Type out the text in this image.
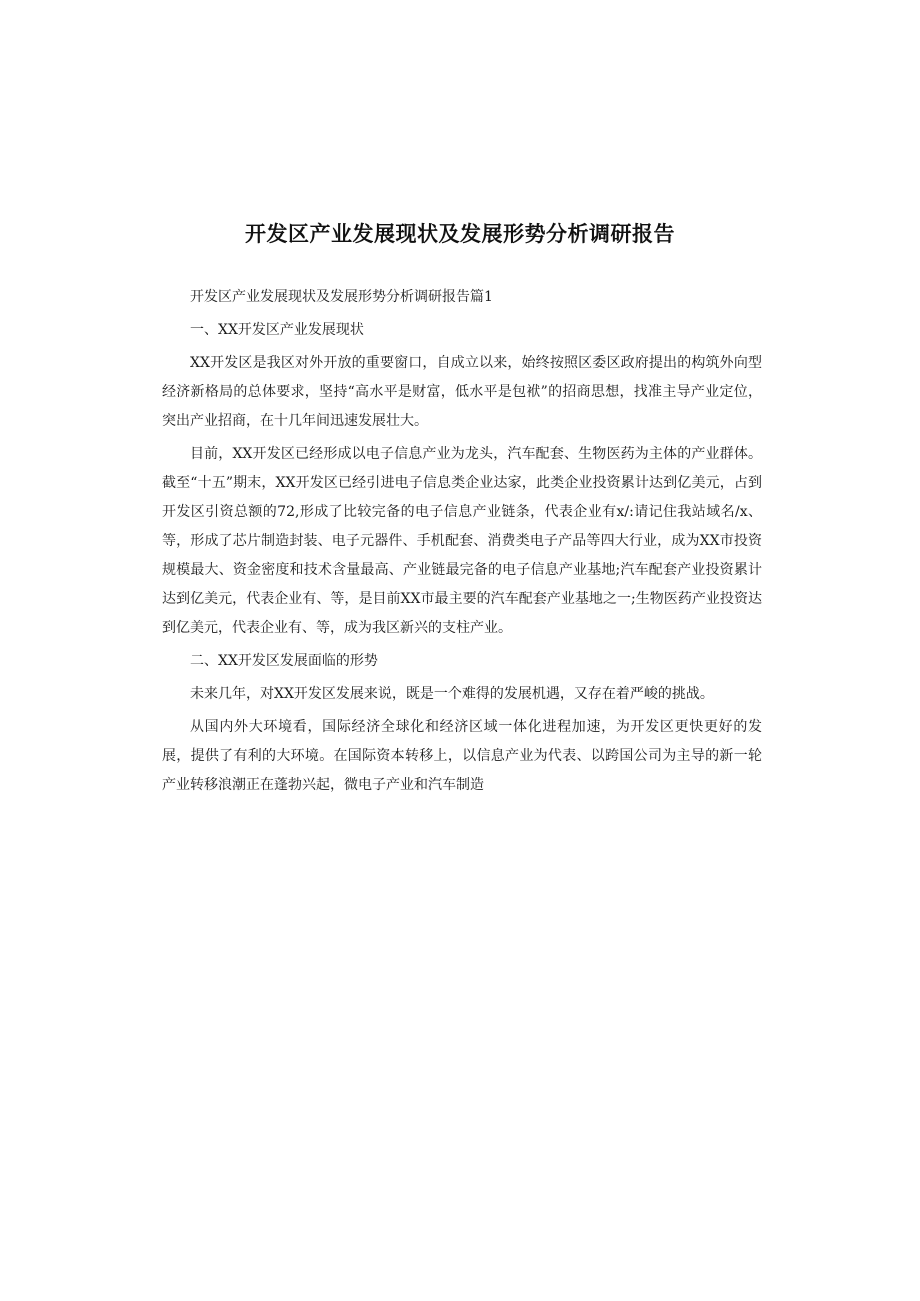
开发区产业发展现状及发展形势分析调研报告

开发区产业发展现状及发展形势分析调研报告篇1

一、XX开发区产业发展现状

XX开发区是我区对外开放的重要窗口，自成立以来，始终按照区委区政府提出的构筑外向型经济新格局的总体要求，坚持“高水平是财富，低水平是包袱”的招商思想，找准主导产业定位，突出产业招商，在十几年间迅速发展壮大。

目前，XX开发区已经形成以电子信息产业为龙头，汽车配套、生物医药为主体的产业群体。截至“十五”期末，XX开发区已经引进电子信息类企业达家，此类企业投资累计达到亿美元，占到开发区引资总额的72,形成了比较完备的电子信息产业链条，代表企业有x/:请记住我站域名/x、等，形成了芯片制造封装、电子元器件、手机配套、消费类电子产品等四大行业，成为XX市投资规模最大、资金密度和技术含量最高、产业链最完备的电子信息产业基地;汽车配套产业投资累计达到亿美元，代表企业有、等，是目前XX市最主要的汽车配套产业基地之一;生物医药产业投资达到亿美元，代表企业有、等，成为我区新兴的支柱产业。

二、XX开发区发展面临的形势

未来几年，对XX开发区发展来说，既是一个难得的发展机遇，又存在着严峻的挑战。

从国内外大环境看，国际经济全球化和经济区域一体化进程加速，为开发区更快更好的发展，提供了有利的大环境。在国际资本转移上，以信息产业为代表、以跨国公司为主导的新一轮产业转移浪潮正在蓬勃兴起，微电子产业和汽车制造
